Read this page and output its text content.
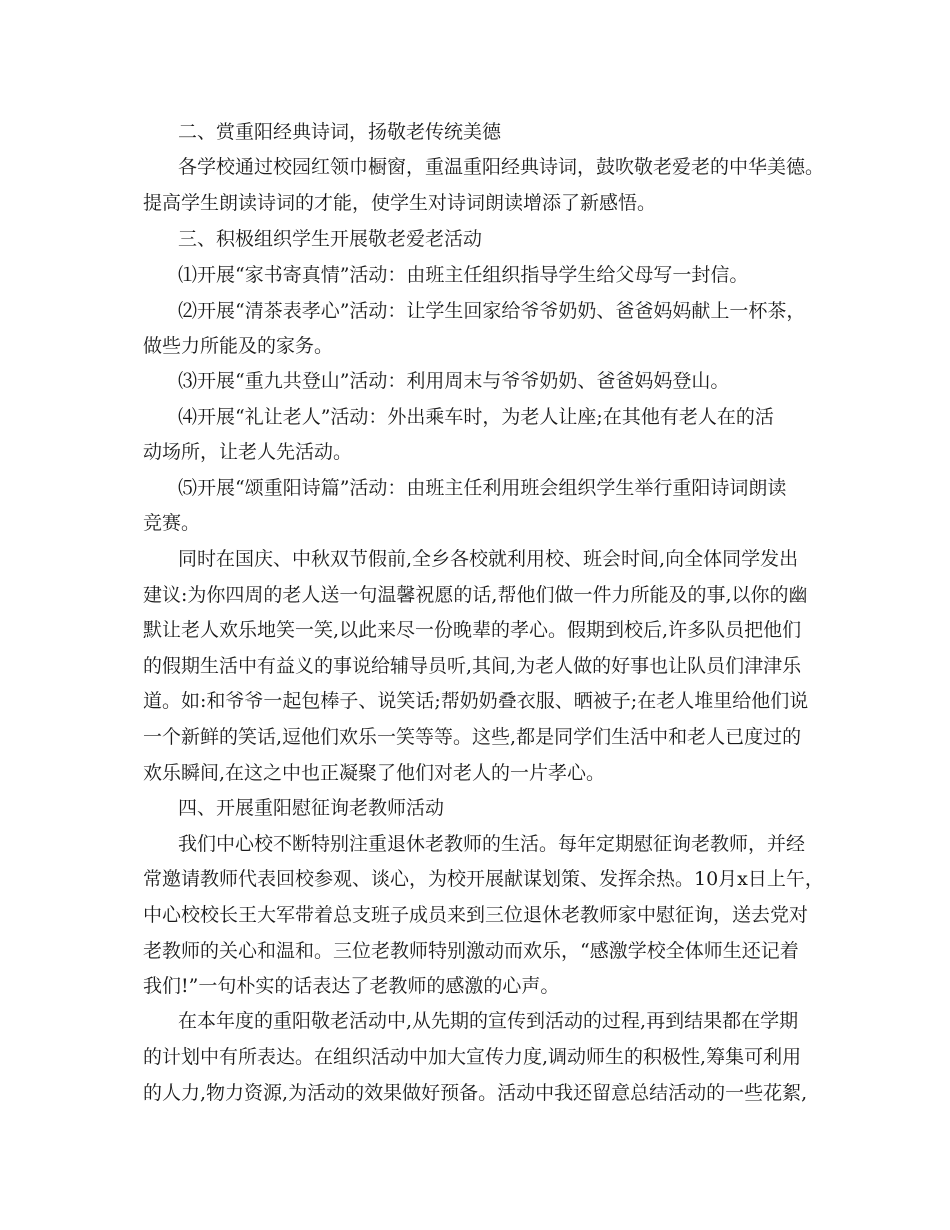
二、赏重阳经典诗词，扬敬老传统美德

各学校通过校园红领巾橱窗，重温重阳经典诗词，鼓吹敬老爱老的中华美德。

提高学生朗读诗词的才能，使学生对诗词朗读增添了新感悟。

三、积极组织学生开展敬老爱老活动

⑴开展“家书寄真情”活动：由班主任组织指导学生给父母写一封信。

⑵开展“清茶表孝心”活动：让学生回家给爷爷奶奶、爸爸妈妈献上一杯茶，

做些力所能及的家务。

⑶开展“重九共登山”活动：利用周末与爷爷奶奶、爸爸妈妈登山。

⑷开展“礼让老人”活动：外出乘车时，为老人让座;在其他有老人在的活

动场所，让老人先活动。

⑸开展“颂重阳诗篇”活动：由班主任利用班会组织学生举行重阳诗词朗读

竞赛。

同时在国庆、中秋双节假前,全乡各校就利用校、班会时间,向全体同学发出

建议:为你四周的老人送一句温馨祝愿的话,帮他们做一件力所能及的事,以你的幽

默让老人欢乐地笑一笑,以此来尽一份晚辈的孝心。假期到校后,许多队员把他们

的假期生活中有益义的事说给辅导员听,其间,为老人做的好事也让队员们津津乐

道。如:和爷爷一起包棒子、说笑话;帮奶奶叠衣服、晒被子;在老人堆里给他们说

一个新鲜的笑话,逗他们欢乐一笑等等。这些,都是同学们生活中和老人已度过的

欢乐瞬间,在这之中也正凝聚了他们对老人的一片孝心。

四、开展重阳慰征询老教师活动

我们中心校不断特别注重退休老教师的生活。每年定期慰征询老教师，并经

常邀请教师代表回校参观、谈心，为校开展献谋划策、发挥余热。10月x日上午，

中心校校长王大军带着总支班子成员来到三位退休老教师家中慰征询，送去党对

老教师的关心和温和。三位老教师特别激动而欢乐，“感激学校全体师生还记着

我们!”一句朴实的话表达了老教师的感激的心声。

在本年度的重阳敬老活动中,从先期的宣传到活动的过程,再到结果都在学期

的计划中有所表达。在组织活动中加大宣传力度,调动师生的积极性,筹集可利用

的人力,物力资源,为活动的效果做好预备。活动中我还留意总结活动的一些花絮,
